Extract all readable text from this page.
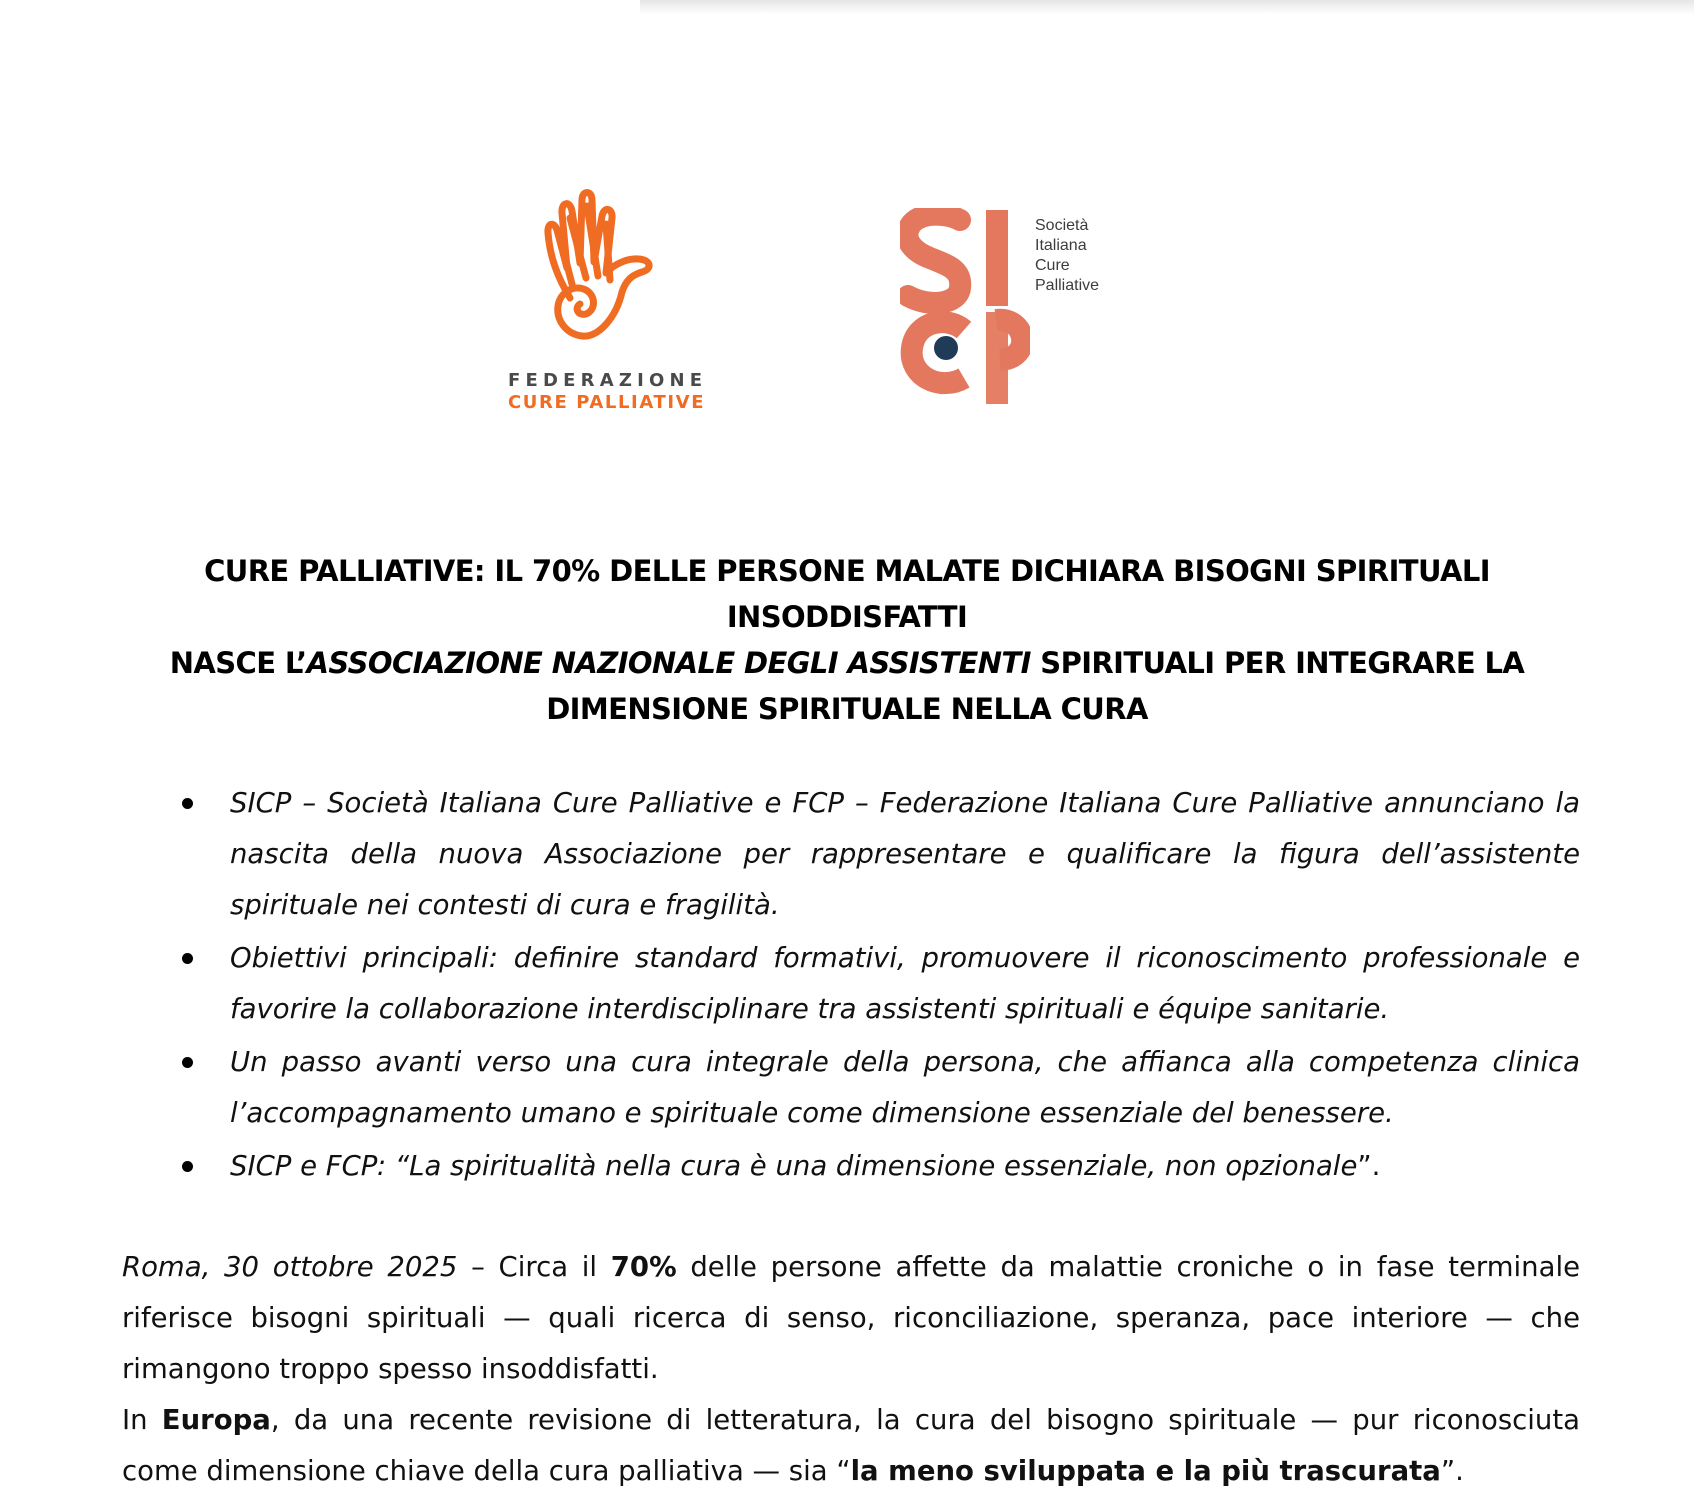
FEDERAZIONE
CURE PALLIATIVE
Società
Italiana
Cure
Palliative
CURE PALLIATIVE: IL 70% DELLE PERSONE MALATE DICHIARA BISOGNI SPIRITUALI INSODDISFATTI
NASCE L’ASSOCIAZIONE NAZIONALE DEGLI ASSISTENTI SPIRITUALI PER INTEGRARE LA DIMENSIONE SPIRITUALE NELLA CURA
SICP – Società Italiana Cure Palliative e FCP – Federazione Italiana Cure Palliative annunciano la nascita della nuova Associazione per rappresentare e qualificare la figura dell’assistente spirituale nei contesti di cura e fragilità.
Obiettivi principali: definire standard formativi, promuovere il riconoscimento professionale e favorire la collaborazione interdisciplinare tra assistenti spirituali e équipe sanitarie.
Un passo avanti verso una cura integrale della persona, che affianca alla competenza clinica l’accompagnamento umano e spirituale come dimensione essenziale del benessere.
SICP e FCP: “La spiritualità nella cura è una dimensione essenziale, non opzionale”.

Roma, 30 ottobre 2025 – Circa il 70% delle persone affette da malattie croniche o in fase terminale riferisce bisogni spirituali — quali ricerca di senso, riconciliazione, speranza, pace interiore — che rimangono troppo spesso insoddisfatti.

In Europa, da una recente revisione di letteratura, la cura del bisogno spirituale — pur riconosciuta come dimensione chiave della cura palliativa — sia “la meno sviluppata e la più trascurata”.
